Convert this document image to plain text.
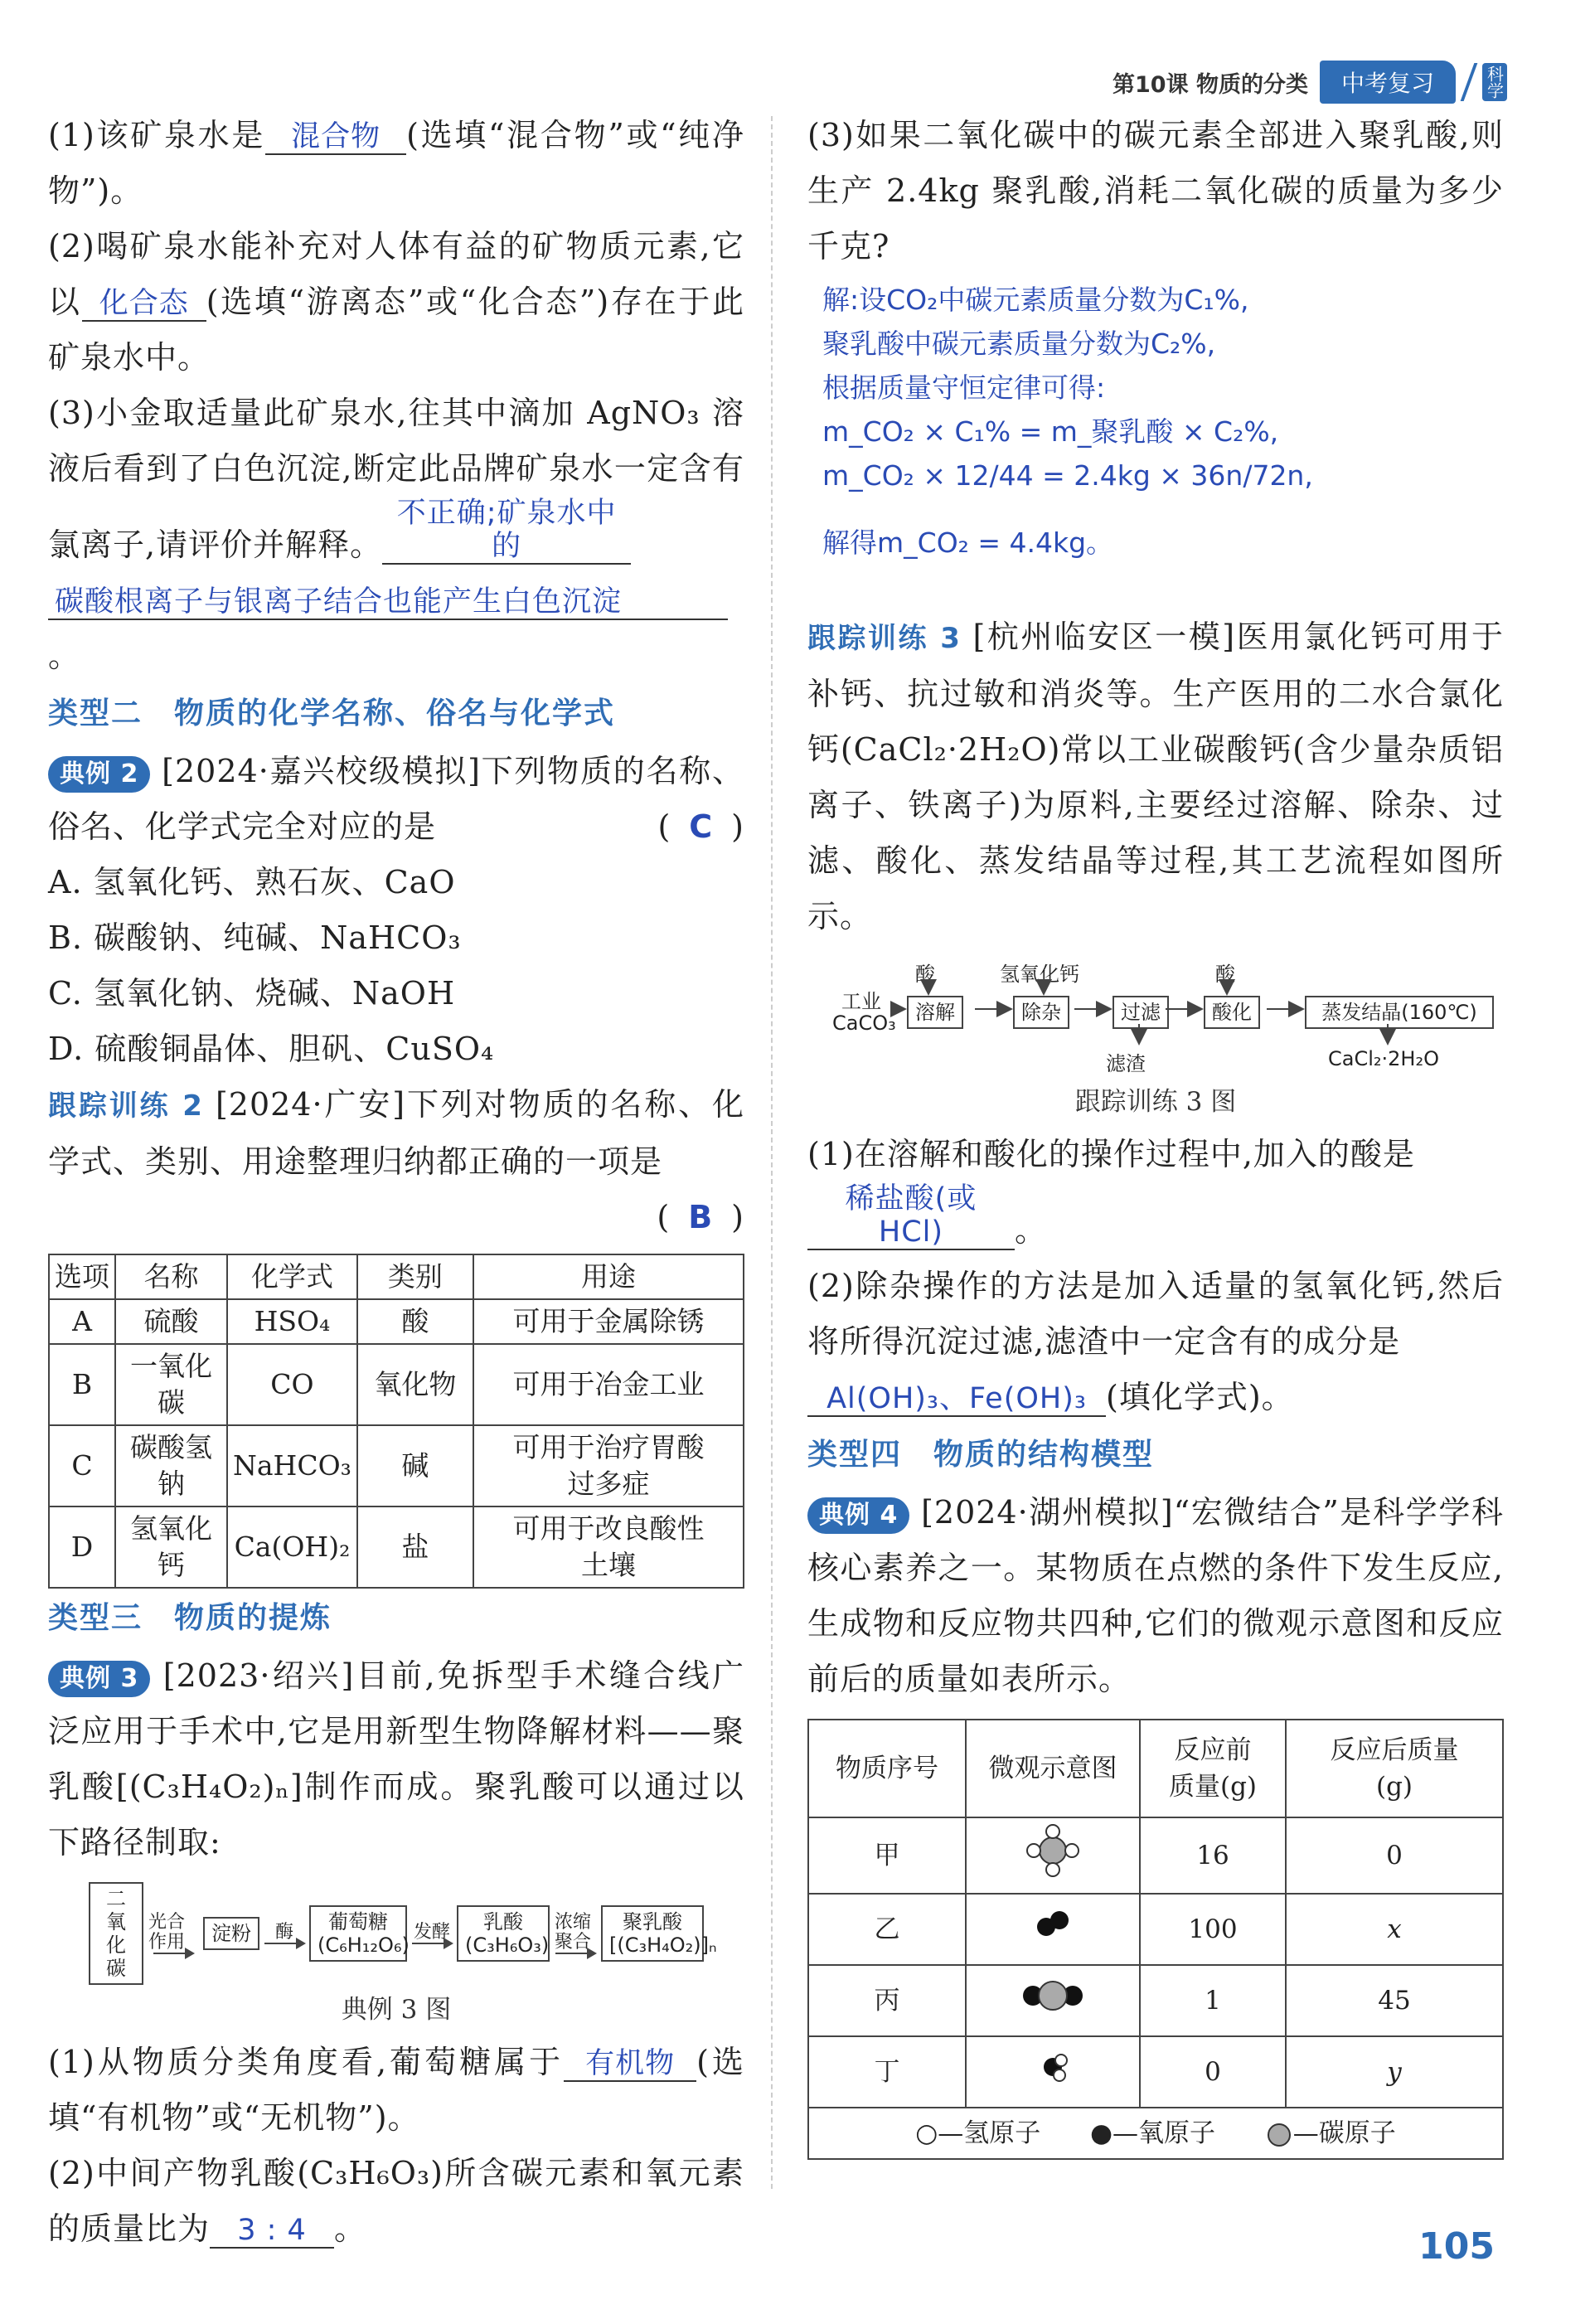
第10课 物质的分类	中考复习	科学

(1)该矿泉水是 混合物 (选填“混合物”或“纯净物”)。

(2)喝矿泉水能补充对人体有益的矿物质元素,它以 化合态 (选填“游离态”或“化合态”)存在于此矿泉水中。

(3)小金取适量此矿泉水,往其中滴加 AgNO₃ 溶液后看到了白色沉淀,断定此品牌矿泉水一定含有氯离子,请评价并解释。不正确;矿泉水中的
碳酸根离子与银离子结合也能产生白色沉淀。

类型二　物质的化学名称、俗名与化学式

典例 2 [2024·嘉兴校级模拟]下列物质的名称、俗名、化学式完全对应的是	( C )

A. 氢氧化钙、熟石灰、CaO

B. 碳酸钠、纯碱、NaHCO₃

C. 氢氧化钠、烧碱、NaOH

D. 硫酸铜晶体、胆矾、CuSO₄

跟踪训练 2 [2024·广安]下列对物质的名称、化学式、类别、用途整理归纳都正确的一项是

( B )

选项	名称	化学式	类别	用途
A	硫酸	HSO₄	酸	可用于金属除锈
B	一氧化碳	CO	氧化物	可用于冶金工业
C	碳酸氢钠	NaHCO₃	碱	可用于治疗胃酸过多症
D	氢氧化钙	Ca(OH)₂	盐	可用于改良酸性土壤
类型三　物质的提炼

典例 3 [2023·绍兴]目前,免拆型手术缝合线广泛应用于手术中,它是用新型生物降解材料——聚乳酸[(C₃H₄O₂)ₙ]制作而成。聚乳酸可以通过以下路径制取:

二氧化碳
光合作用	淀粉	酶	葡萄糖(C₆H₁₂O₆)
发酵	乳酸(C₃H₆O₃)
浓缩聚合
聚乳酸[(C₃H₄O₂)]ₙ
典例 3 图

(1)从物质分类角度看,葡萄糖属于 有机物 (选填“有机物”或“无机物”)。

(2)中间产物乳酸(C₃H₆O₃)所含碳元素和氧元素的质量比为 3 : 4 。

(3)如果二氧化碳中的碳元素全部进入聚乳酸,则生产 2.4kg 聚乳酸,消耗二氧化碳的质量为多少千克?

解:设CO₂中碳元素质量分数为C₁%,
聚乳酸中碳元素质量分数为C₂%,
根据质量守恒定律可得:
m_CO₂ × C₁% = m_聚乳酸 × C₂%,
m_CO₂ × 12/44 = 2.4kg × 36n/72n,
解得m_CO₂ = 4.4kg。

跟踪训练 3 [杭州临安区一模]医用氯化钙可用于补钙、抗过敏和消炎等。生产医用的二水合氯化钙(CaCl₂·2H₂O)常以工业碳酸钙(含少量杂质铝离子、铁离子)为原料,主要经过溶解、除杂、过滤、酸化、蒸发结晶等过程,其工艺流程如图所示。

工业CaCO₃ 溶解	除杂	过滤	酸化	蒸发结晶(160℃)
酸	氢氧化钙	酸
滤渣	CaCl₂·2H₂O
跟踪训练 3 图

(1)在溶解和酸化的操作过程中,加入的酸是
稀盐酸(或HCl) 。

(2)除杂操作的方法是加入适量的氢氧化钙,然后将所得沉淀过滤,滤渣中一定含有的成分是
Al(OH)₃、Fe(OH)₃ (填化学式)。

类型四　物质的结构模型

典例 4 [2024·湖州模拟]“宏微结合”是科学学科核心素养之一。某物质在点燃的条件下发生反应,生成物和反应物共四种,它们的微观示意图和反应前后的质量如表所示。

物质序号	微观示意图	反应前质量(g)	反应后质量(g)
甲		16	0
乙		100	x
丙		1	45
丁		0	y
○—氢原子 ●—氧原子 —碳原子			
105
